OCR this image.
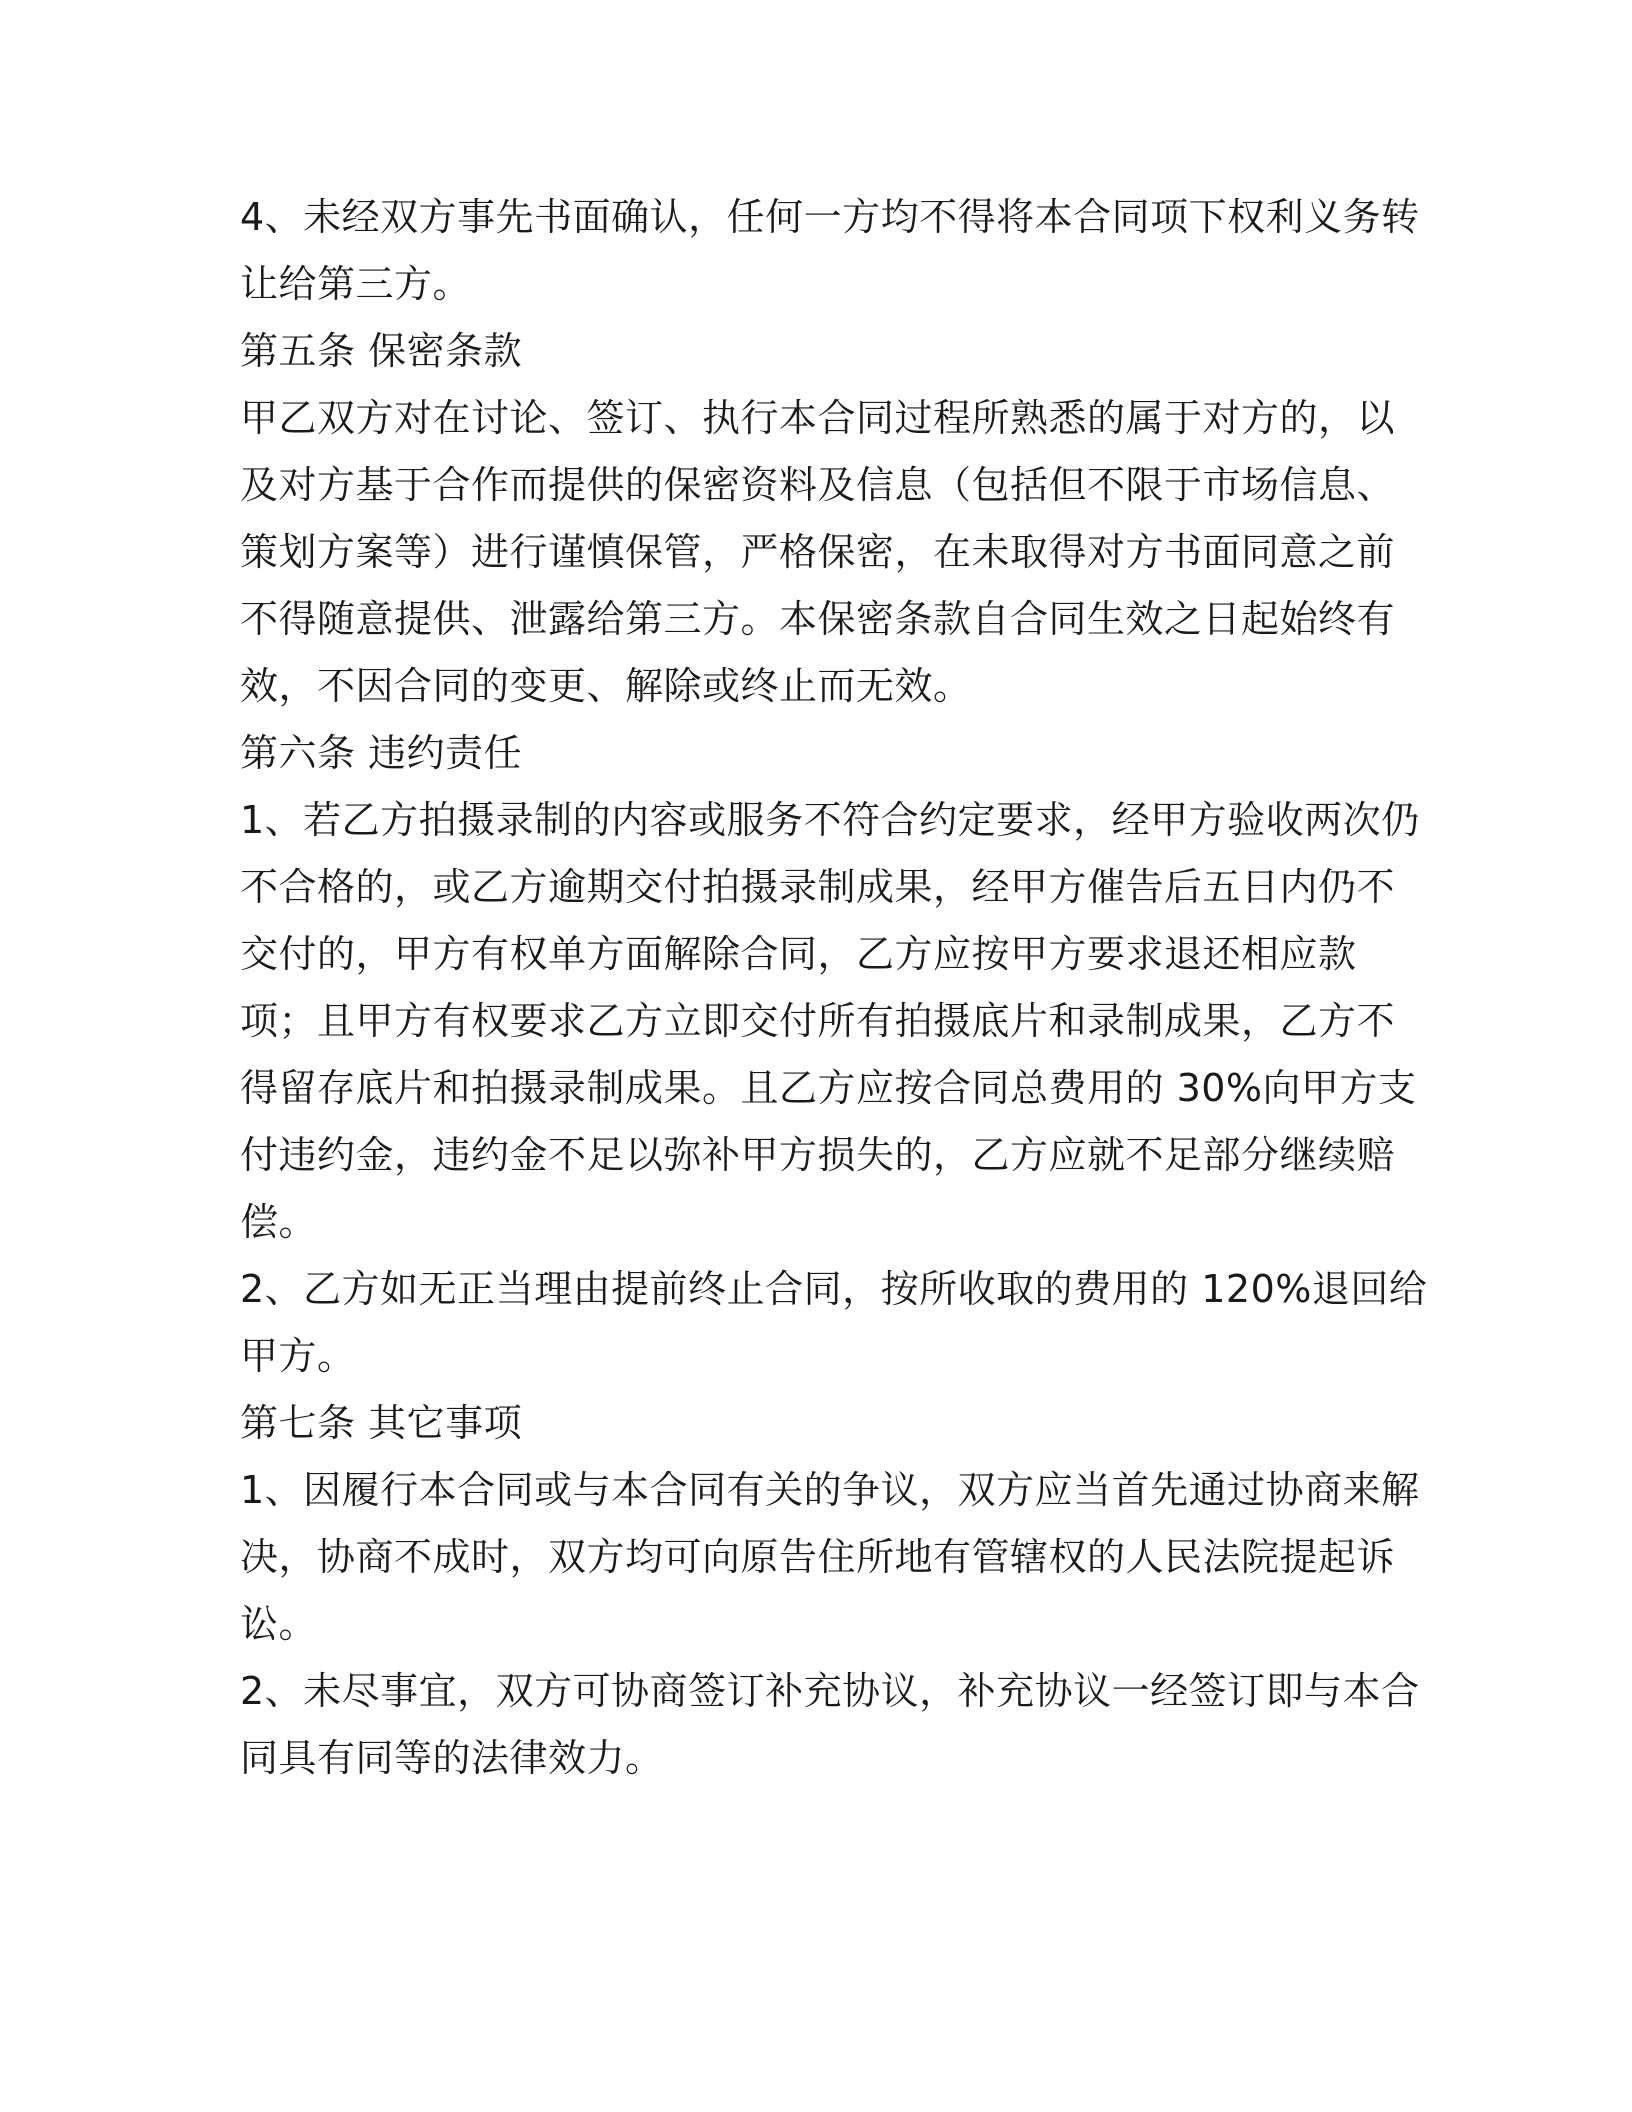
4、未经双方事先书面确认，任何一方均不得将本合同项下权利义务转
让给第三方。
第五条 保密条款
甲乙双方对在讨论、签订、执行本合同过程所熟悉的属于对方的，以
及对方基于合作而提供的保密资料及信息（包括但不限于市场信息、
策划方案等）进行谨慎保管，严格保密，在未取得对方书面同意之前
不得随意提供、泄露给第三方。本保密条款自合同生效之日起始终有
效，不因合同的变更、解除或终止而无效。
第六条 违约责任
1、若乙方拍摄录制的内容或服务不符合约定要求，经甲方验收两次仍
不合格的，或乙方逾期交付拍摄录制成果，经甲方催告后五日内仍不
交付的，甲方有权单方面解除合同，乙方应按甲方要求退还相应款
项；且甲方有权要求乙方立即交付所有拍摄底片和录制成果，乙方不
得留存底片和拍摄录制成果。且乙方应按合同总费用的 30%向甲方支
付违约金，违约金不足以弥补甲方损失的，乙方应就不足部分继续赔
偿。
2、乙方如无正当理由提前终止合同，按所收取的费用的 120%退回给
甲方。
第七条 其它事项
1、因履行本合同或与本合同有关的争议，双方应当首先通过协商来解
决，协商不成时，双方均可向原告住所地有管辖权的人民法院提起诉
讼。
2、未尽事宜，双方可协商签订补充协议，补充协议一经签订即与本合
同具有同等的法律效力。
